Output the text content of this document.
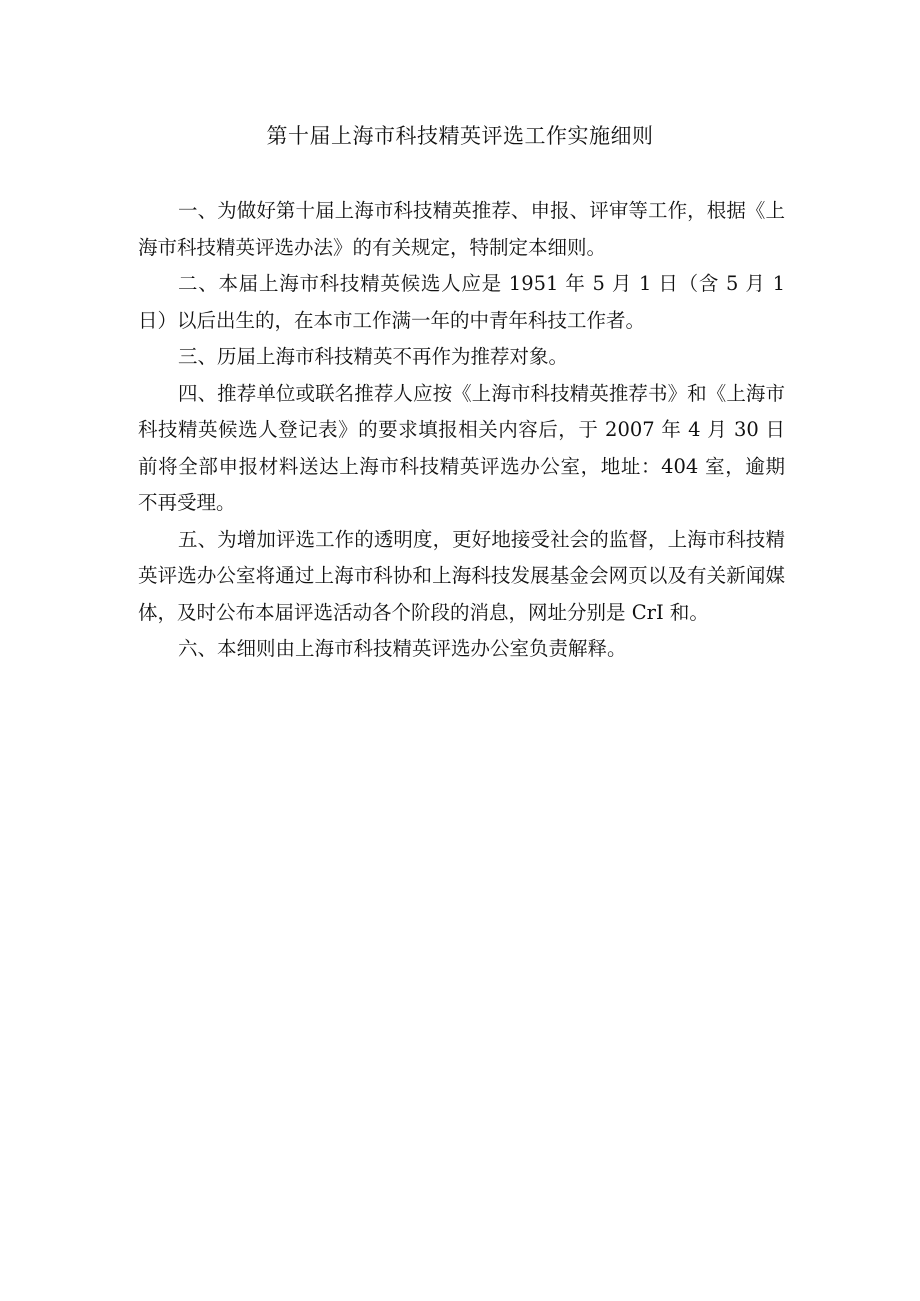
第十届上海市科技精英评选工作实施细则

一、为做好第十届上海市科技精英推荐、申报、评审等工作，根据《上海市科技精英评选办法》的有关规定，特制定本细则。

二、本届上海市科技精英候选人应是 1951 年 5 月 1 日（含 5 月 1 日）以后出生的，在本市工作满一年的中青年科技工作者。

三、历届上海市科技精英不再作为推荐对象。

四、推荐单位或联名推荐人应按《上海市科技精英推荐书》和《上海市科技精英候选人登记表》的要求填报相关内容后，于 2007 年 4 月 30 日前将全部申报材料送达上海市科技精英评选办公室，地址：404 室，逾期不再受理。

五、为增加评选工作的透明度，更好地接受社会的监督，上海市科技精英评选办公室将通过上海市科协和上海科技发展基金会网页以及有关新闻媒体，及时公布本届评选活动各个阶段的消息，网址分别是 CrI 和。

六、本细则由上海市科技精英评选办公室负责解释。
